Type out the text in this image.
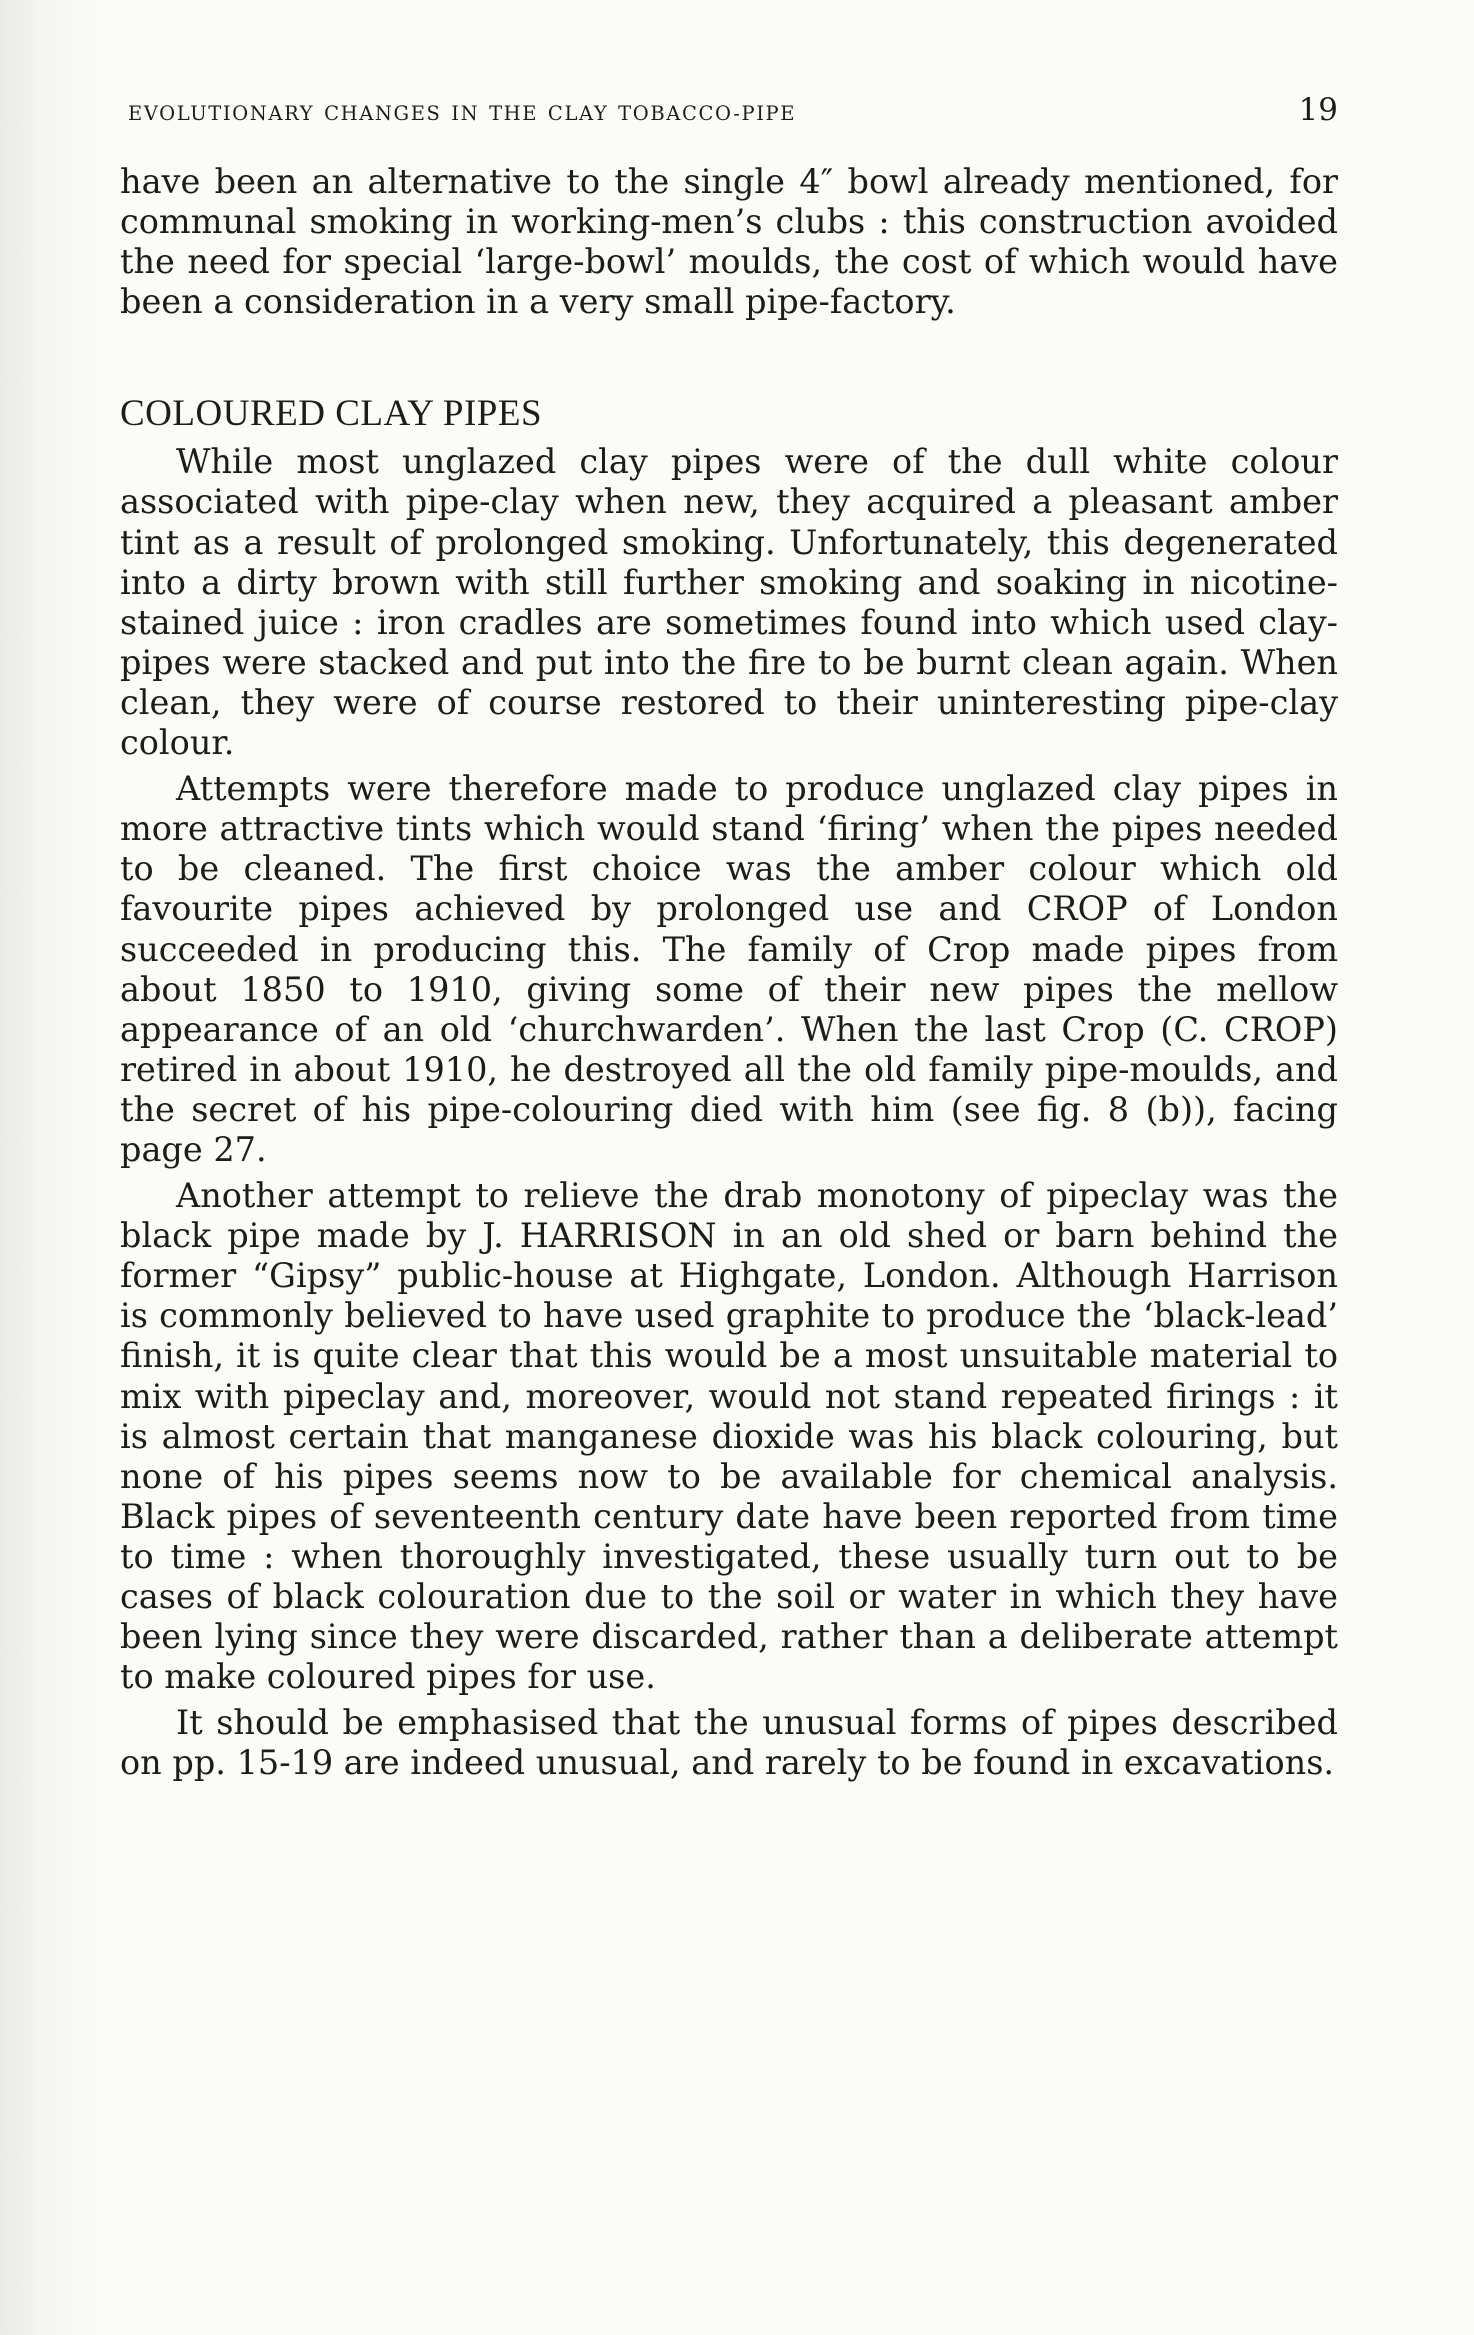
EVOLUTIONARY CHANGES IN THE CLAY TOBACCO-PIPE	19

have been an alternative to the single 4″ bowl already mentioned, for communal smoking in working-men’s clubs : this construction avoided the need for special ‘large-bowl’ moulds, the cost of which would have been a consideration in a very small pipe-factory.

COLOURED CLAY PIPES

While most unglazed clay pipes were of the dull white colour associated with pipe-clay when new, they acquired a pleasant amber tint as a result of prolonged smoking. Unfortunately, this degenerated into a dirty brown with still further smoking and soaking in nicotine-stained juice : iron cradles are sometimes found into which used clay-pipes were stacked and put into the fire to be burnt clean again. When clean, they were of course restored to their uninteresting pipe-clay colour.

Attempts were therefore made to produce unglazed clay pipes in more attractive tints which would stand ‘firing’ when the pipes needed to be cleaned. The first choice was the amber colour which old favourite pipes achieved by prolonged use and CROP of London succeeded in producing this. The family of Crop made pipes from about 1850 to 1910, giving some of their new pipes the mellow appearance of an old ‘churchwarden’. When the last Crop (C. CROP) retired in about 1910, he destroyed all the old family pipe-moulds, and the secret of his pipe-colouring died with him (see fig. 8 (b)), facing page 27.

Another attempt to relieve the drab monotony of pipeclay was the black pipe made by J. HARRISON in an old shed or barn behind the former “Gipsy” public-house at Highgate, London. Although Harrison is commonly believed to have used graphite to produce the ‘black-lead’ finish, it is quite clear that this would be a most unsuitable material to mix with pipeclay and, moreover, would not stand repeated firings : it is almost certain that manganese dioxide was his black colouring, but none of his pipes seems now to be available for chemical analysis. Black pipes of seventeenth century date have been reported from time to time : when thoroughly investigated, these usually turn out to be cases of black colouration due to the soil or water in which they have been lying since they were discarded, rather than a deliberate attempt to make coloured pipes for use.

It should be emphasised that the unusual forms of pipes described on pp. 15-19 are indeed unusual, and rarely to be found in excavations.
